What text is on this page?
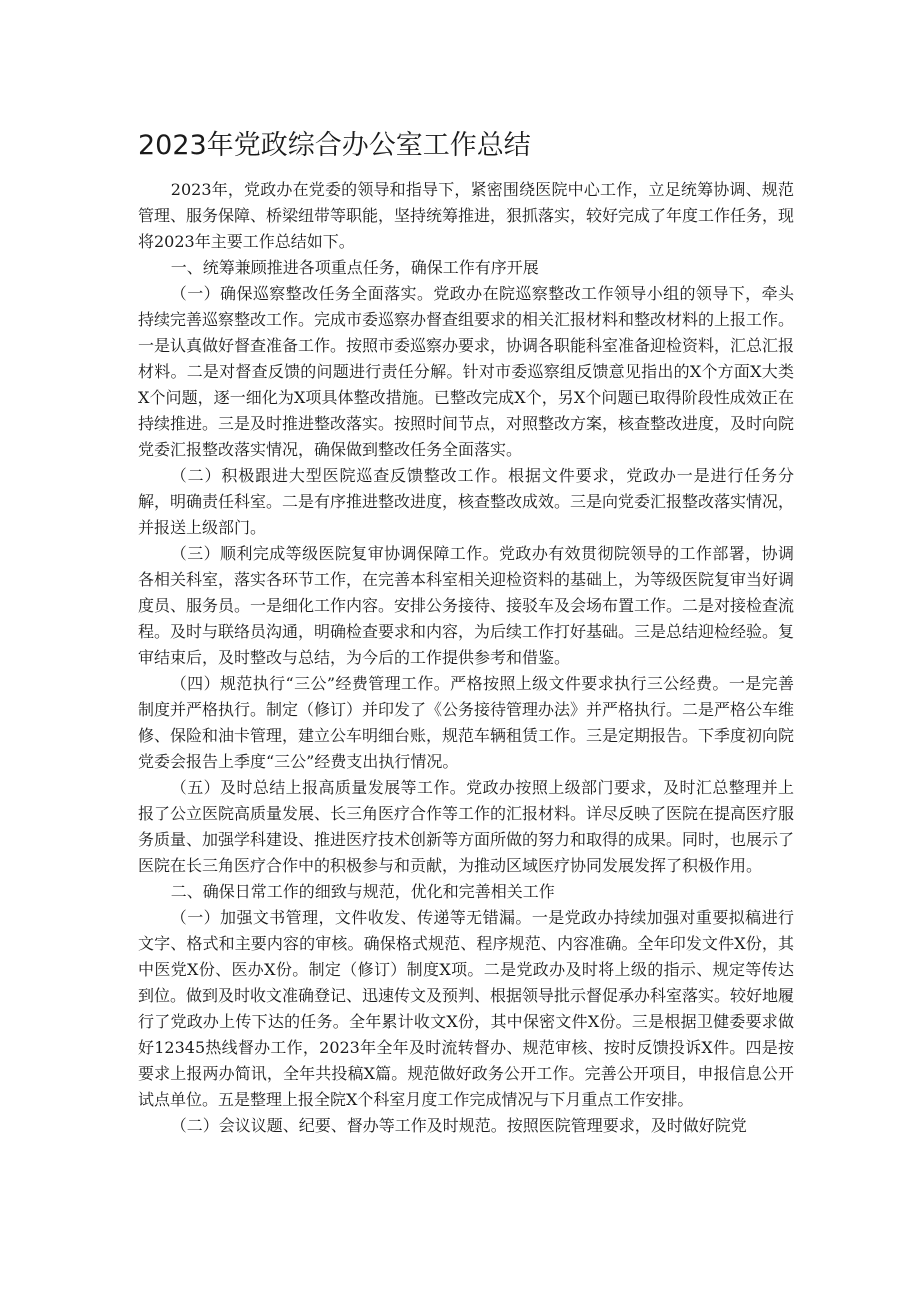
2023年党政综合办公室工作总结

2023年，党政办在党委的领导和指导下，紧密围绕医院中心工作，立足统筹协调、规范管理、服务保障、桥梁纽带等职能，坚持统筹推进，狠抓落实，较好完成了年度工作任务，现将2023年主要工作总结如下。

一、统筹兼顾推进各项重点任务，确保工作有序开展

（一）确保巡察整改任务全面落实。党政办在院巡察整改工作领导小组的领导下，牵头持续完善巡察整改工作。完成市委巡察办督查组要求的相关汇报材料和整改材料的上报工作。一是认真做好督查准备工作。按照市委巡察办要求，协调各职能科室准备迎检资料，汇总汇报材料。二是对督查反馈的问题进行责任分解。针对市委巡察组反馈意见指出的X个方面X大类X个问题，逐一细化为X项具体整改措施。已整改完成X个，另X个问题已取得阶段性成效正在持续推进。三是及时推进整改落实。按照时间节点，对照整改方案，核查整改进度，及时向院党委汇报整改落实情况，确保做到整改任务全面落实。

（二）积极跟进大型医院巡查反馈整改工作。根据文件要求，党政办一是进行任务分解，明确责任科室。二是有序推进整改进度，核查整改成效。三是向党委汇报整改落实情况，并报送上级部门。

（三）顺利完成等级医院复审协调保障工作。党政办有效贯彻院领导的工作部署，协调各相关科室，落实各环节工作，在完善本科室相关迎检资料的基础上，为等级医院复审当好调度员、服务员。一是细化工作内容。安排公务接待、接驳车及会场布置工作。二是对接检查流程。及时与联络员沟通，明确检查要求和内容，为后续工作打好基础。三是总结迎检经验。复审结束后，及时整改与总结，为今后的工作提供参考和借鉴。

（四）规范执行“三公”经费管理工作。严格按照上级文件要求执行三公经费。一是完善制度并严格执行。制定（修订）并印发了《公务接待管理办法》并严格执行。二是严格公车维修、保险和油卡管理，建立公车明细台账，规范车辆租赁工作。三是定期报告。下季度初向院党委会报告上季度“三公”经费支出执行情况。

（五）及时总结上报高质量发展等工作。党政办按照上级部门要求，及时汇总整理并上报了公立医院高质量发展、长三角医疗合作等工作的汇报材料。详尽反映了医院在提高医疗服务质量、加强学科建设、推进医疗技术创新等方面所做的努力和取得的成果。同时，也展示了医院在长三角医疗合作中的积极参与和贡献，为推动区域医疗协同发展发挥了积极作用。

二、确保日常工作的细致与规范，优化和完善相关工作

（一）加强文书管理，文件收发、传递等无错漏。一是党政办持续加强对重要拟稿进行文字、格式和主要内容的审核。确保格式规范、程序规范、内容准确。全年印发文件X份，其中医党X份、医办X份。制定（修订）制度X项。二是党政办及时将上级的指示、规定等传达到位。做到及时收文准确登记、迅速传文及预判、根据领导批示督促承办科室落实。较好地履行了党政办上传下达的任务。全年累计收文X份，其中保密文件X份。三是根据卫健委要求做好12345热线督办工作，2023年全年及时流转督办、规范审核、按时反馈投诉X件。四是按要求上报两办简讯，全年共投稿X篇。规范做好政务公开工作。完善公开项目，申报信息公开试点单位。五是整理上报全院X个科室月度工作完成情况与下月重点工作安排。

（二）会议议题、纪要、督办等工作及时规范。按照医院管理要求，及时做好院党
